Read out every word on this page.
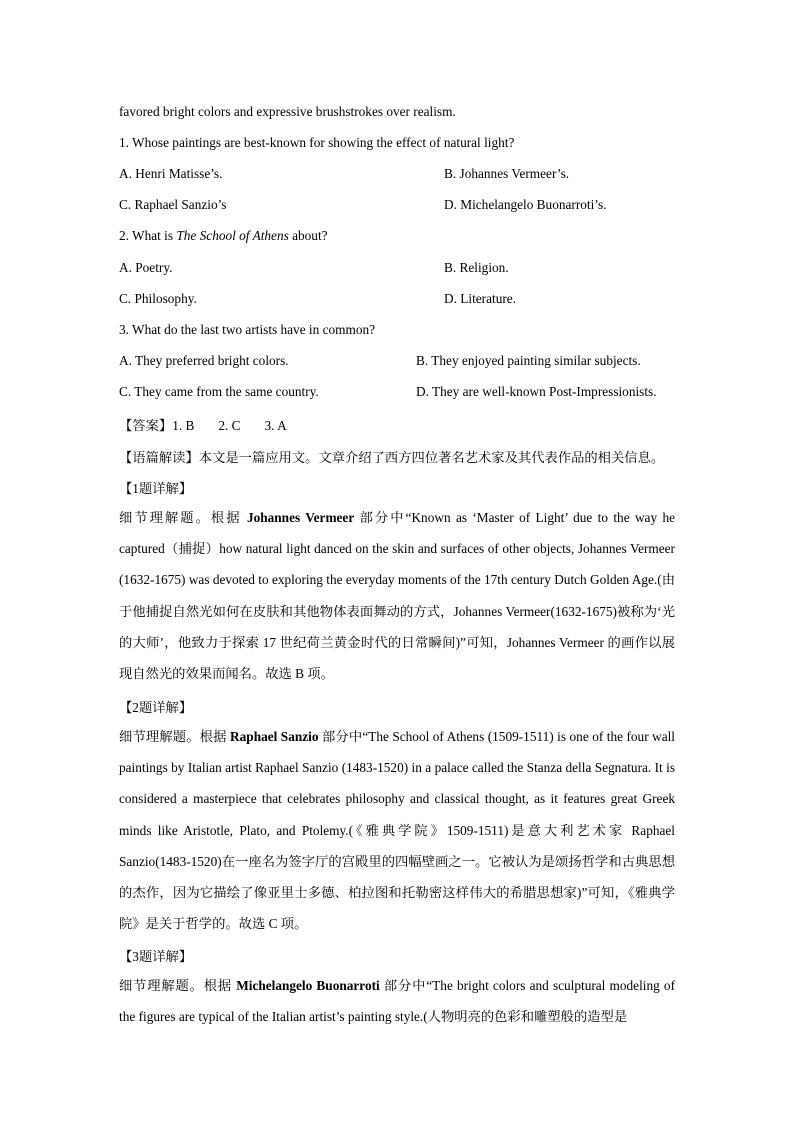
favored bright colors and expressive brushstrokes over realism.
1. Whose paintings are best-known for showing the effect of natural light?
A. Henri Matisse’s.	B. Johannes Vermeer’s.
C. Raphael Sanzio’s	D. Michelangelo Buonarroti’s.
2. What is The School of Athens about?
A. Poetry.	B. Religion.
C. Philosophy.	D. Literature.
3. What do the last two artists have in common?
A. They preferred bright colors.	B. They enjoyed painting similar subjects.
C. They came from the same country.	D. They are well-known Post-Impressionists.
【答案】1. B 2. C 3. A
【语篇解读】本文是一篇应用文。文章介绍了西方四位著名艺术家及其代表作品的相关信息。
【1题详解】
细节理解题。根据 Johannes Vermeer 部分中“Known as ‘Master of Light’ due to the way he captured（捕捉）how natural light danced on the skin and surfaces of other objects, Johannes Vermeer (1632-1675) was devoted to exploring the everyday moments of the 17th century Dutch Golden Age.(由于他捕捉自然光如何在皮肤和其他物体表面舞动的方式，Johannes Vermeer(1632-1675)被称为‘光的大师’，他致力于探索 17 世纪荷兰黄金时代的日常瞬间)”可知，Johannes Vermeer 的画作以展现自然光的效果而闻名。故选 B 项。
【2题详解】
细节理解题。根据 Raphael Sanzio 部分中“The School of Athens (1509-1511) is one of the four wall paintings by Italian artist Raphael Sanzio (1483-1520) in a palace called the Stanza della Segnatura. It is considered a masterpiece that celebrates philosophy and classical thought, as it features great Greek minds like Aristotle, Plato, and Ptolemy.(《雅典学院》1509-1511)是意大利艺术家 Raphael Sanzio(1483-1520)在一座名为签字厅的宫殿里的四幅壁画之一。它被认为是颂扬哲学和古典思想的杰作，因为它描绘了像亚里士多德、柏拉图和托勒密这样伟大的希腊思想家)”可知，《雅典学院》是关于哲学的。故选 C 项。
【3题详解】
细节理解题。根据 Michelangelo Buonarroti 部分中“The bright colors and sculptural modeling of the figures are typical of the Italian artist’s painting style.(人物明亮的色彩和雕塑般的造型是
